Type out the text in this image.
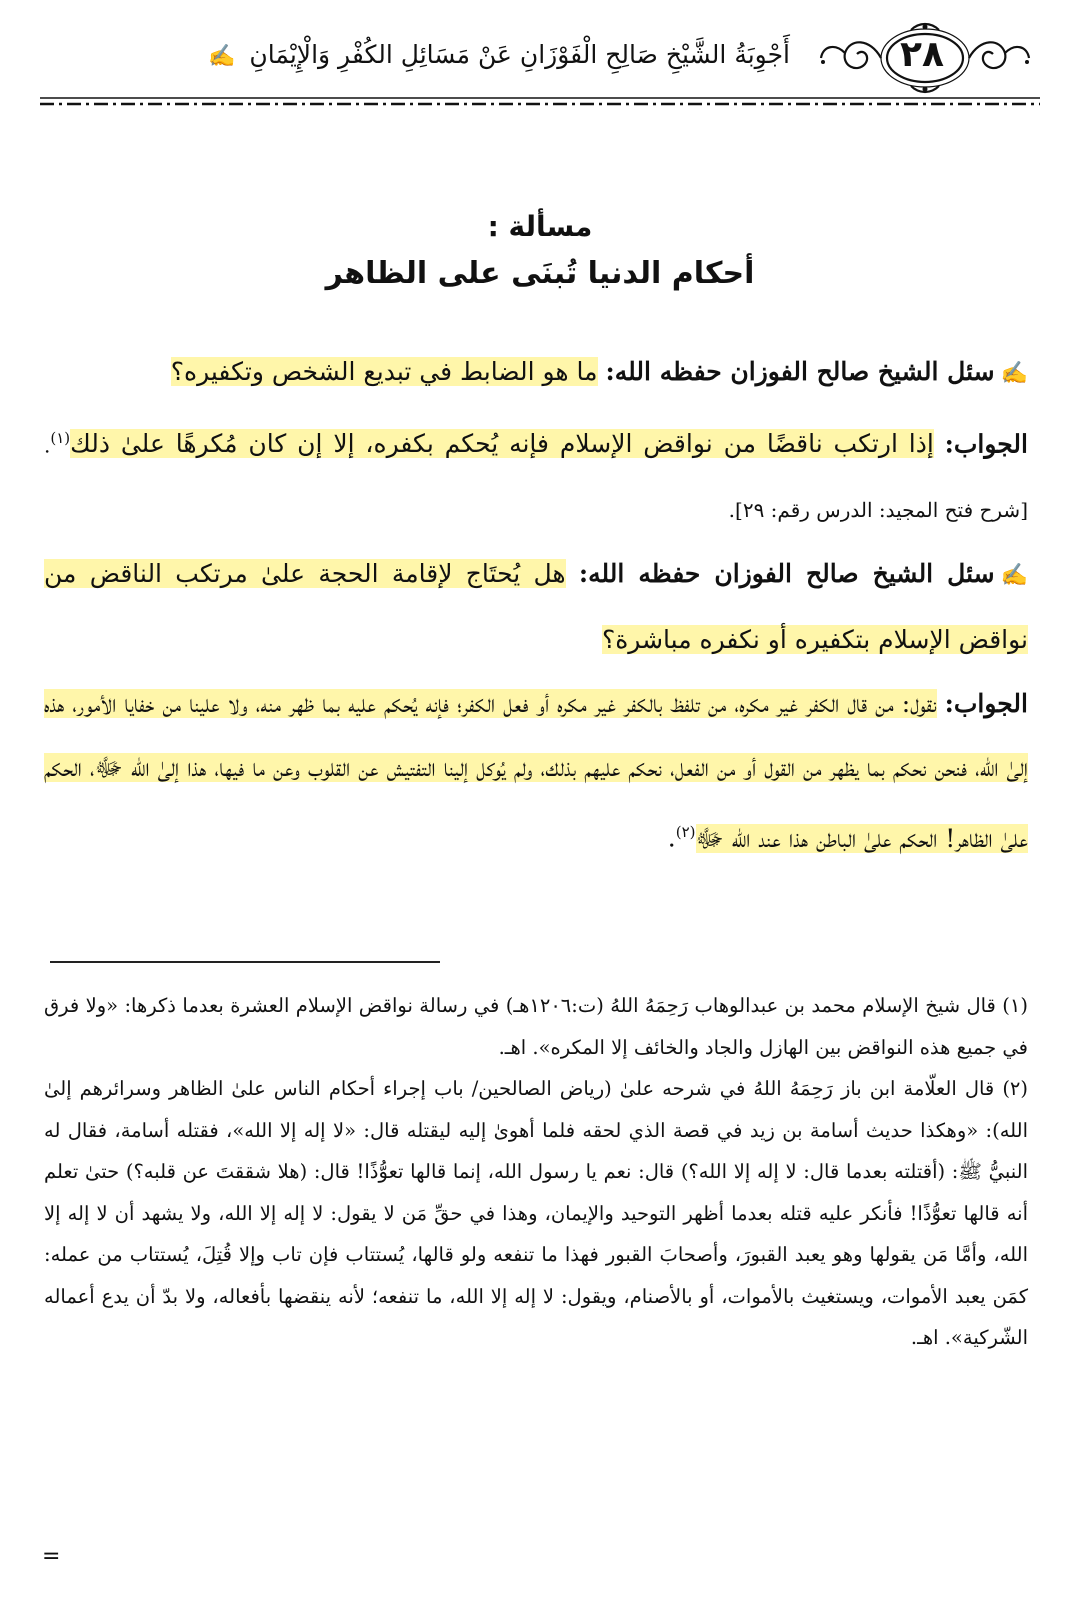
٢٨
أَجْوِبَةُ الشَّيْخِ صَالِحِ الْفَوْزَانِ عَنْ مَسَائِلِ الكُفْرِ وَالْإِيْمَانِ ✍
مسألة :
أحكام الدنيا تُبنَى على الظاهر

✍سئل الشيخ صالح الفوزان حفظه الله: ما هو الضابط في تبديع الشخص وتكفيره؟

الجواب: إذا ارتكب ناقضًا من نواقض الإسلام فإنه يُحكم بكفره، إلا إن كان مُكرهًا علىٰ ذلك$^{(١)}$. [شرح فتح المجيد: الدرس رقم: ٢٩].

✍سئل الشيخ صالح الفوزان حفظه الله: هل يُحتَاج لإقامة الحجة علىٰ مرتكب الناقض من نواقض الإسلام بتكفيره أو نكفره مباشرة؟

الجواب: نقول: من قال الكفر غير مكره، من تلفظ بالكفر غير مكره أو فعل الكفر؛ فإنه يُحكم عليه بما ظهر منه، ولا علينا من خفايا الأمور، هذه إلىٰ الله، فنحن نحكم بما يظهر من القول أو من الفعل، نحكم عليهم بذلك، ولم يُوكل إلينا التفتيش عن القلوب وعن ما فيها، هذا إلىٰ الله ﷻ، الحكم علىٰ الظاهر! الحكم علىٰ الباطن هذا عند الله ﷻ$^{(٢)}$.

(١) قال شيخ الإسلام محمد بن عبدالوهاب رَحِمَهُ اللهُ (ت:١٢٠٦هـ) في رسالة نواقض الإسلام العشرة بعدما ذكرها: «ولا فرق في جميع هذه النواقض بين الهازل والجاد والخائف إلا المكره». اهـ.

(٢) قال العلّامة ابن باز رَحِمَهُ اللهُ في شرحه علىٰ (رياض الصالحين/ باب إجراء أحكام الناس علىٰ الظاهر وسرائرهم إلىٰ الله): «وهكذا حديث أسامة بن زيد في قصة الذي لحقه فلما أهوىٰ إليه ليقتله قال: «لا إله إلا الله»، فقتله أسامة، فقال له النبيُّ ﷺ: (أقتلته بعدما قال: لا إله إلا الله؟) قال: نعم يا رسول الله، إنما قالها تعوُّذًا! قال: (هلا شققتَ عن قلبه؟) حتىٰ تعلم أنه قالها تعوُّذًا! فأنكر عليه قتله بعدما أظهر التوحيد والإيمان، وهذا في حقِّ مَن لا يقول: لا إله إلا الله، ولا يشهد أن لا إله إلا الله، وأمَّا مَن يقولها وهو يعبد القبورَ، وأصحابَ القبور فهذا ما تنفعه ولو قالها، يُستتاب فإن تاب وإلا قُتِلَ، يُستتاب من عمله: كمَن يعبد الأموات، ويستغيث بالأموات، أو بالأصنام، ويقول: لا إله إلا الله، ما تنفعه؛ لأنه ينقضها بأفعاله، ولا بدّ أن يدع أعماله الشّركية». اهـ.

=
